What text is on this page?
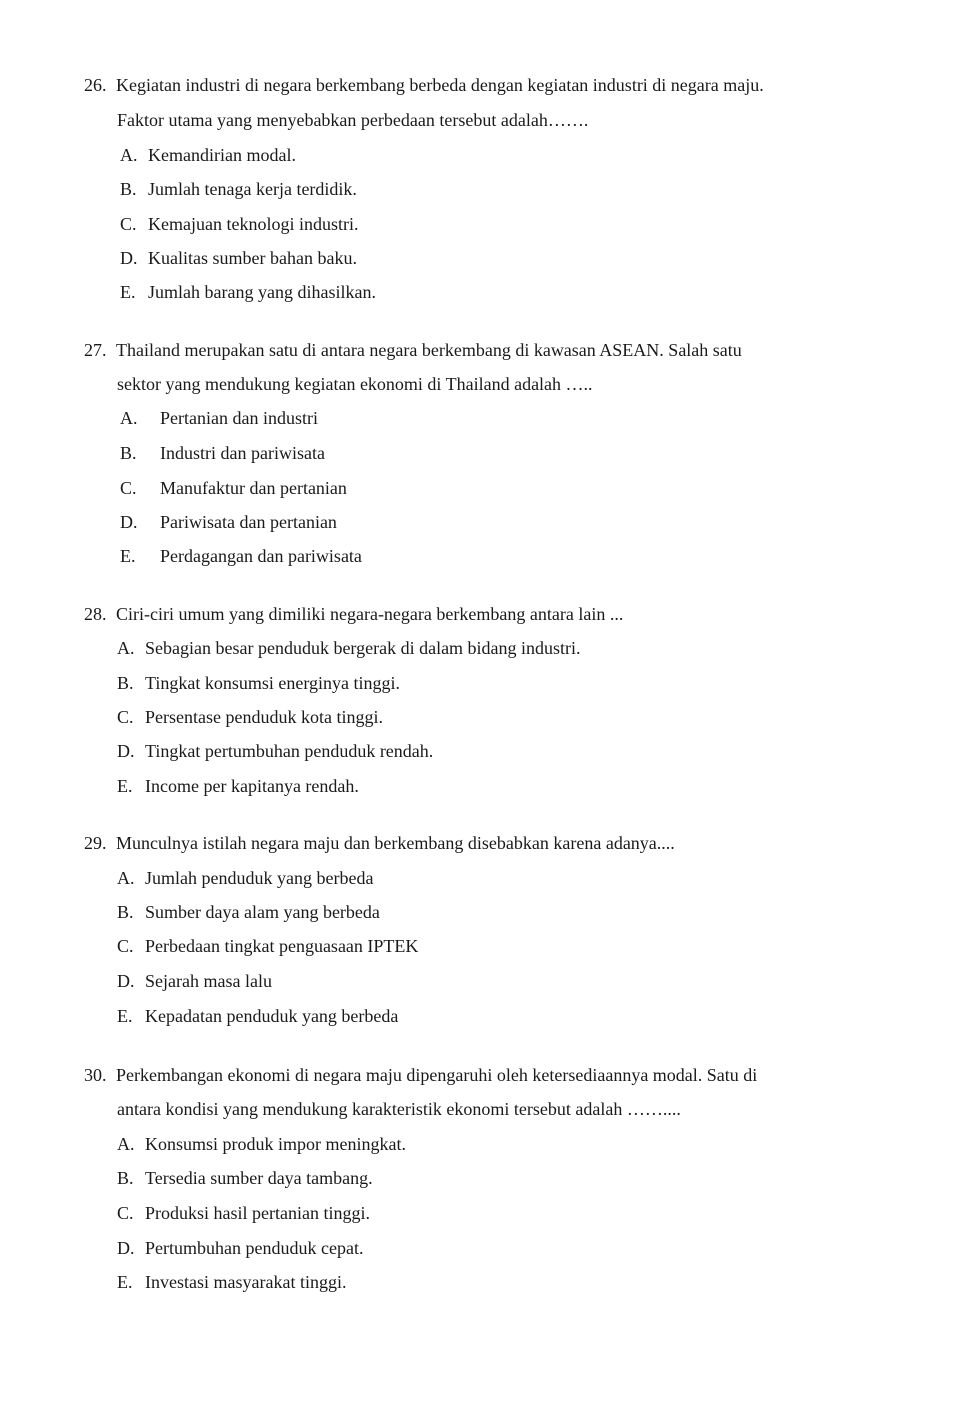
26. Kegiatan industri di negara berkembang berbeda dengan kegiatan industri di negara maju.
Faktor utama yang menyebabkan perbedaan tersebut adalah…….
A. Kemandirian modal.
B. Jumlah tenaga kerja terdidik.
C. Kemajuan teknologi industri.
D. Kualitas sumber bahan baku.
E. Jumlah barang yang dihasilkan.
27. Thailand merupakan satu di antara negara berkembang di kawasan ASEAN. Salah satu
sektor yang mendukung kegiatan ekonomi di Thailand adalah …..
A. Pertanian dan industri
B. Industri dan pariwisata
C. Manufaktur dan pertanian
D. Pariwisata dan pertanian
E. Perdagangan dan pariwisata
28. Ciri-ciri umum yang dimiliki negara-negara berkembang antara lain ...
A. Sebagian besar penduduk bergerak di dalam bidang industri.
B. Tingkat konsumsi energinya tinggi.
C. Persentase penduduk kota tinggi.
D. Tingkat pertumbuhan penduduk rendah.
E. Income per kapitanya rendah.
29. Munculnya istilah negara maju dan berkembang disebabkan karena adanya....
A. Jumlah penduduk yang berbeda
B. Sumber daya alam yang berbeda
C. Perbedaan tingkat penguasaan IPTEK
D. Sejarah masa lalu
E. Kepadatan penduduk yang berbeda
30. Perkembangan ekonomi di negara maju dipengaruhi oleh ketersediaannya modal. Satu di
antara kondisi yang mendukung karakteristik ekonomi tersebut adalah ……....
A. Konsumsi produk impor meningkat.
B. Tersedia sumber daya tambang.
C. Produksi hasil pertanian tinggi.
D. Pertumbuhan penduduk cepat.
E. Investasi masyarakat tinggi.
